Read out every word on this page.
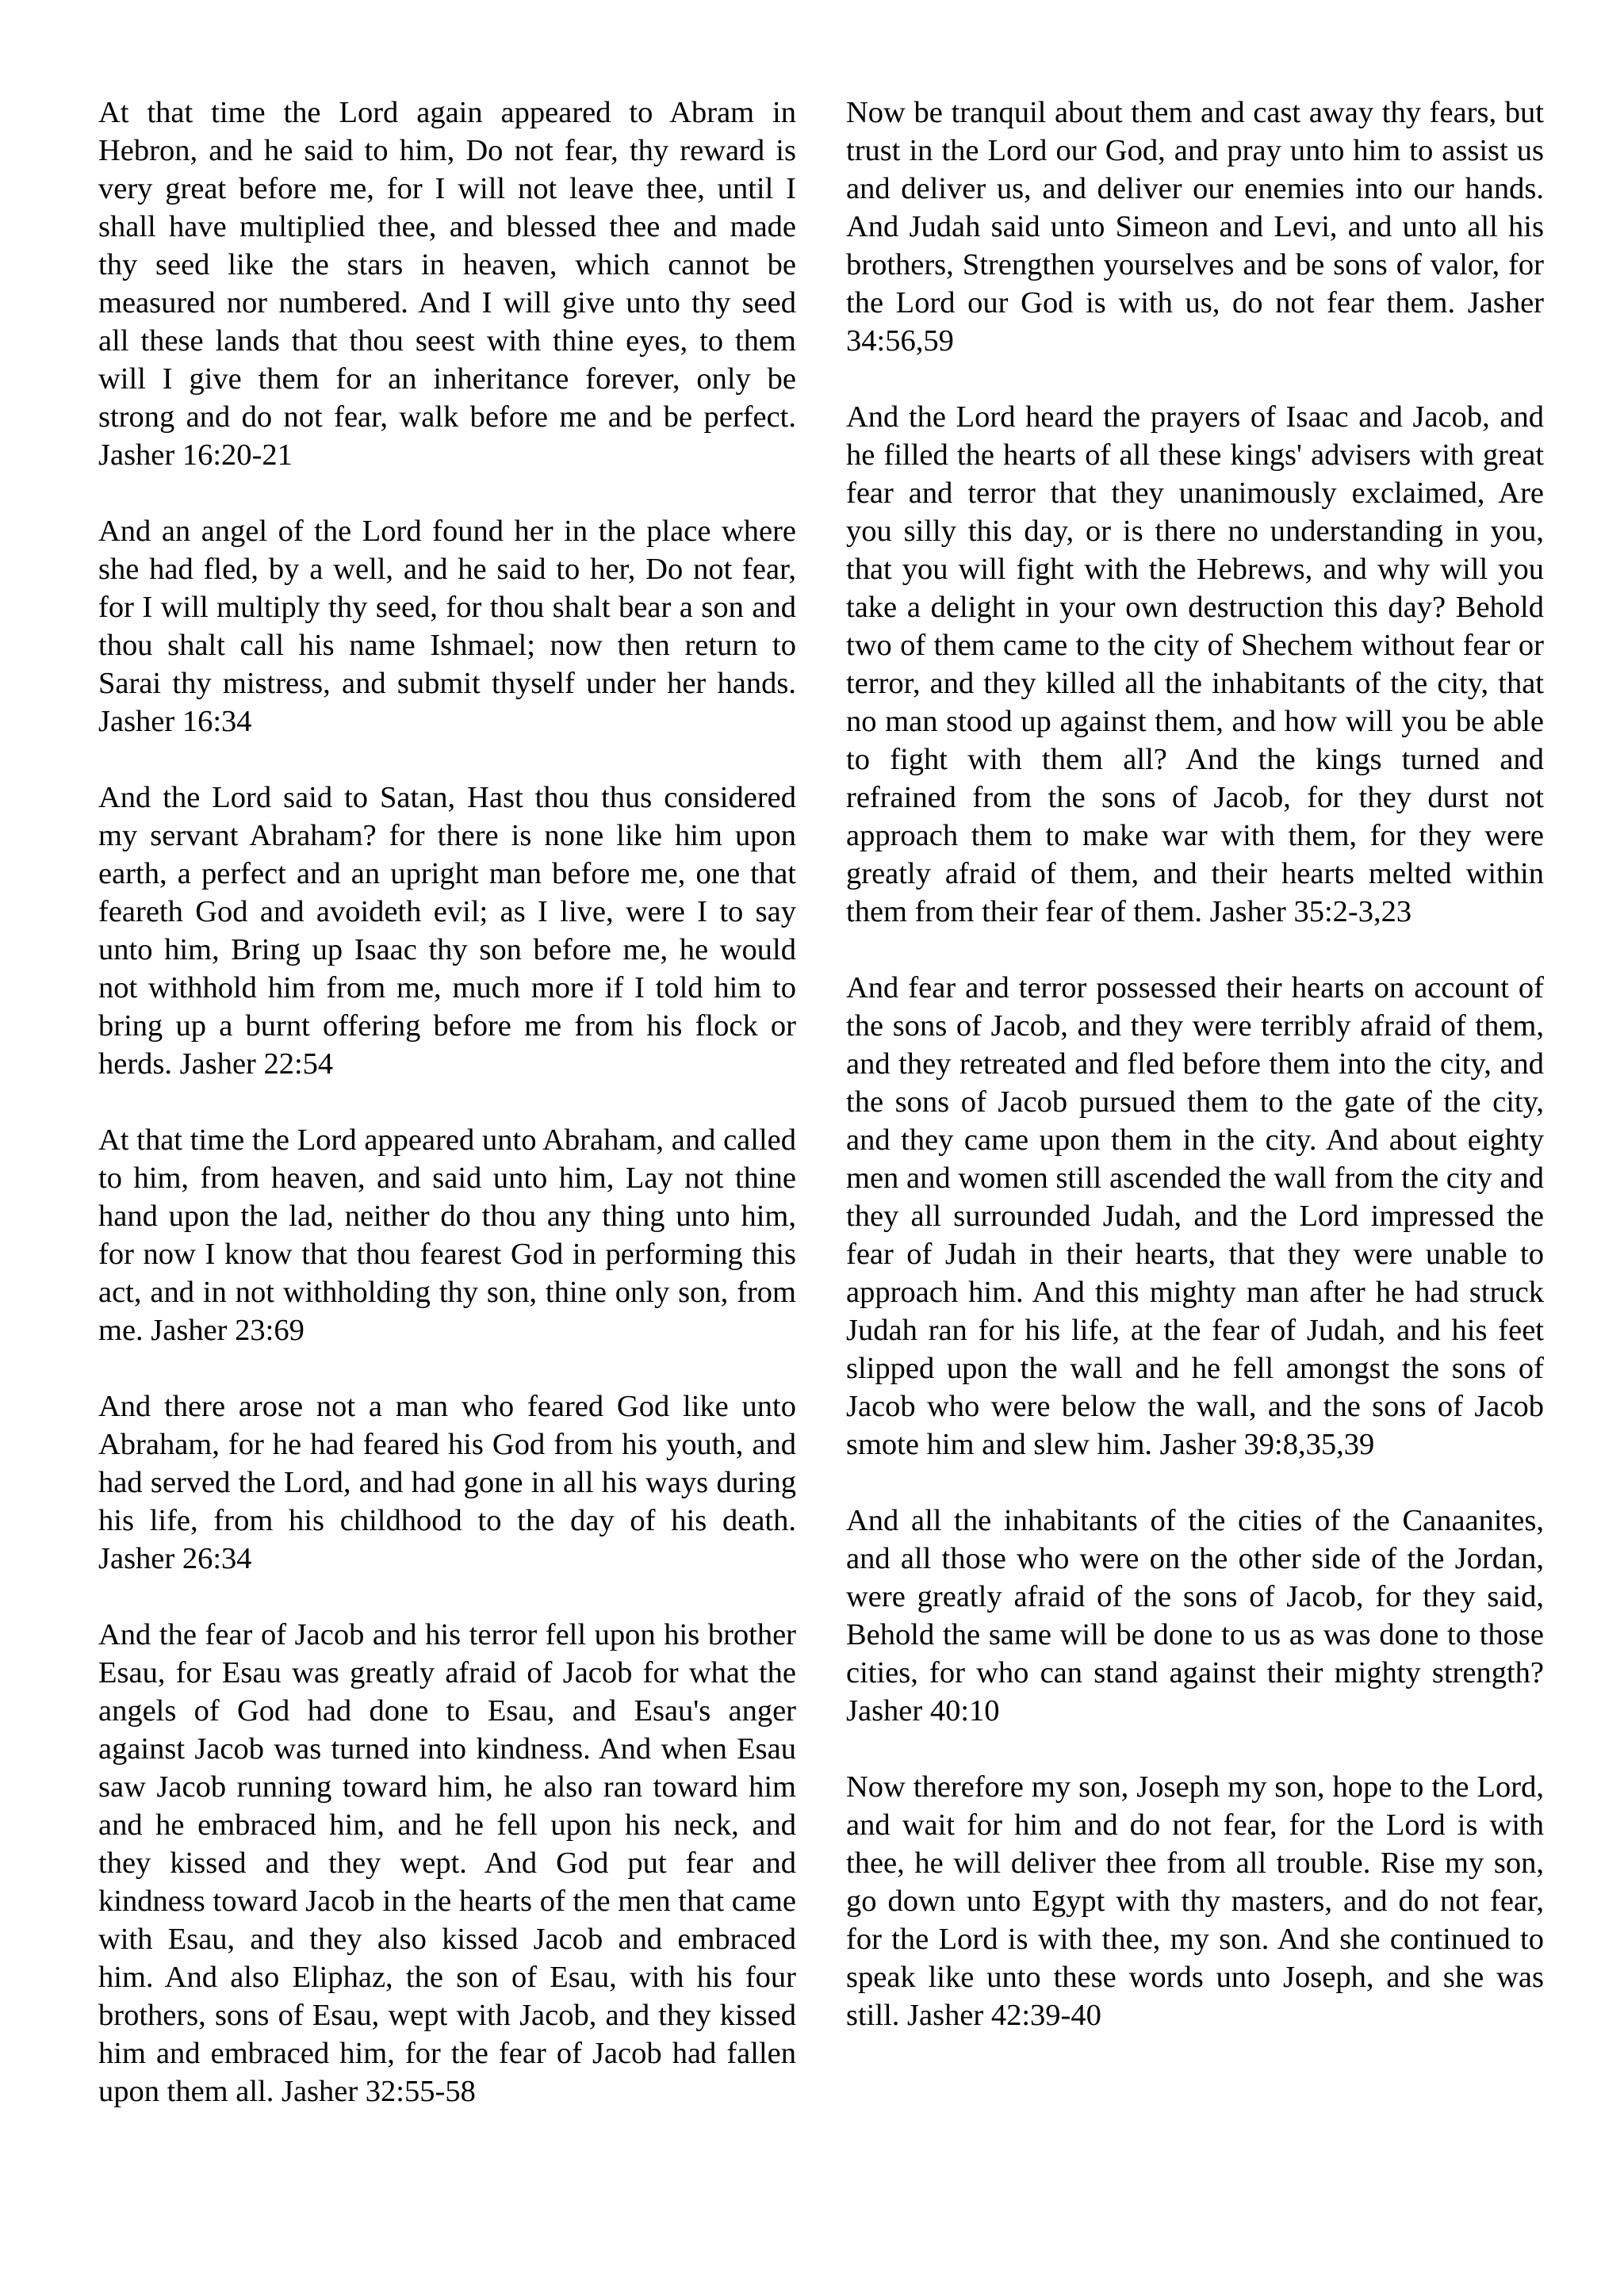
At that time the Lord again appeared to Abram in Hebron, and he said to him, Do not fear, thy reward is very great before me, for I will not leave thee, until I shall have multiplied thee, and blessed thee and made thy seed like the stars in heaven, which cannot be measured nor numbered. And I will give unto thy seed all these lands that thou seest with thine eyes, to them will I give them for an inheritance forever, only be strong and do not fear, walk before me and be perfect. Jasher 16:20-21

And an angel of the Lord found her in the place where she had fled, by a well, and he said to her, Do not fear, for I will multiply thy seed, for thou shalt bear a son and thou shalt call his name Ishmael; now then return to Sarai thy mistress, and submit thyself under her hands. Jasher 16:34

And the Lord said to Satan, Hast thou thus considered my servant Abraham? for there is none like him upon earth, a perfect and an upright man before me, one that feareth God and avoideth evil; as I live, were I to say unto him, Bring up Isaac thy son before me, he would not withhold him from me, much more if I told him to bring up a burnt offering before me from his flock or herds. Jasher 22:54

At that time the Lord appeared unto Abraham, and called to him, from heaven, and said unto him, Lay not thine hand upon the lad, neither do thou any thing unto him, for now I know that thou fearest God in performing this act, and in not withholding thy son, thine only son, from me. Jasher 23:69

And there arose not a man who feared God like unto Abraham, for he had feared his God from his youth, and had served the Lord, and had gone in all his ways during his life, from his childhood to the day of his death. Jasher 26:34

And the fear of Jacob and his terror fell upon his brother Esau, for Esau was greatly afraid of Jacob for what the angels of God had done to Esau, and Esau's anger against Jacob was turned into kindness. And when Esau saw Jacob running toward him, he also ran toward him and he embraced him, and he fell upon his neck, and they kissed and they wept. And God put fear and kindness toward Jacob in the hearts of the men that came with Esau, and they also kissed Jacob and embraced him. And also Eliphaz, the son of Esau, with his four brothers, sons of Esau, wept with Jacob, and they kissed him and embraced him, for the fear of Jacob had fallen upon them all. Jasher 32:55-58

Now be tranquil about them and cast away thy fears, but trust in the Lord our God, and pray unto him to assist us and deliver us, and deliver our enemies into our hands. And Judah said unto Simeon and Levi, and unto all his brothers, Strengthen yourselves and be sons of valor, for the Lord our God is with us, do not fear them. Jasher 34:56,59

And the Lord heard the prayers of Isaac and Jacob, and he filled the hearts of all these kings' advisers with great fear and terror that they unanimously exclaimed, Are you silly this day, or is there no understanding in you, that you will fight with the Hebrews, and why will you take a delight in your own destruction this day? Behold two of them came to the city of Shechem without fear or terror, and they killed all the inhabitants of the city, that no man stood up against them, and how will you be able to fight with them all? And the kings turned and refrained from the sons of Jacob, for they durst not approach them to make war with them, for they were greatly afraid of them, and their hearts melted within them from their fear of them. Jasher 35:2-3,23

And fear and terror possessed their hearts on account of the sons of Jacob, and they were terribly afraid of them, and they retreated and fled before them into the city, and the sons of Jacob pursued them to the gate of the city, and they came upon them in the city. And about eighty men and women still ascended the wall from the city and they all surrounded Judah, and the Lord impressed the fear of Judah in their hearts, that they were unable to approach him. And this mighty man after he had struck Judah ran for his life, at the fear of Judah, and his feet slipped upon the wall and he fell amongst the sons of Jacob who were below the wall, and the sons of Jacob smote him and slew him. Jasher 39:8,35,39

And all the inhabitants of the cities of the Canaanites, and all those who were on the other side of the Jordan, were greatly afraid of the sons of Jacob, for they said, Behold the same will be done to us as was done to those cities, for who can stand against their mighty strength? Jasher 40:10

Now therefore my son, Joseph my son, hope to the Lord, and wait for him and do not fear, for the Lord is with thee, he will deliver thee from all trouble. Rise my son, go down unto Egypt with thy masters, and do not fear, for the Lord is with thee, my son. And she continued to speak like unto these words unto Joseph, and she was still. Jasher 42:39-40
